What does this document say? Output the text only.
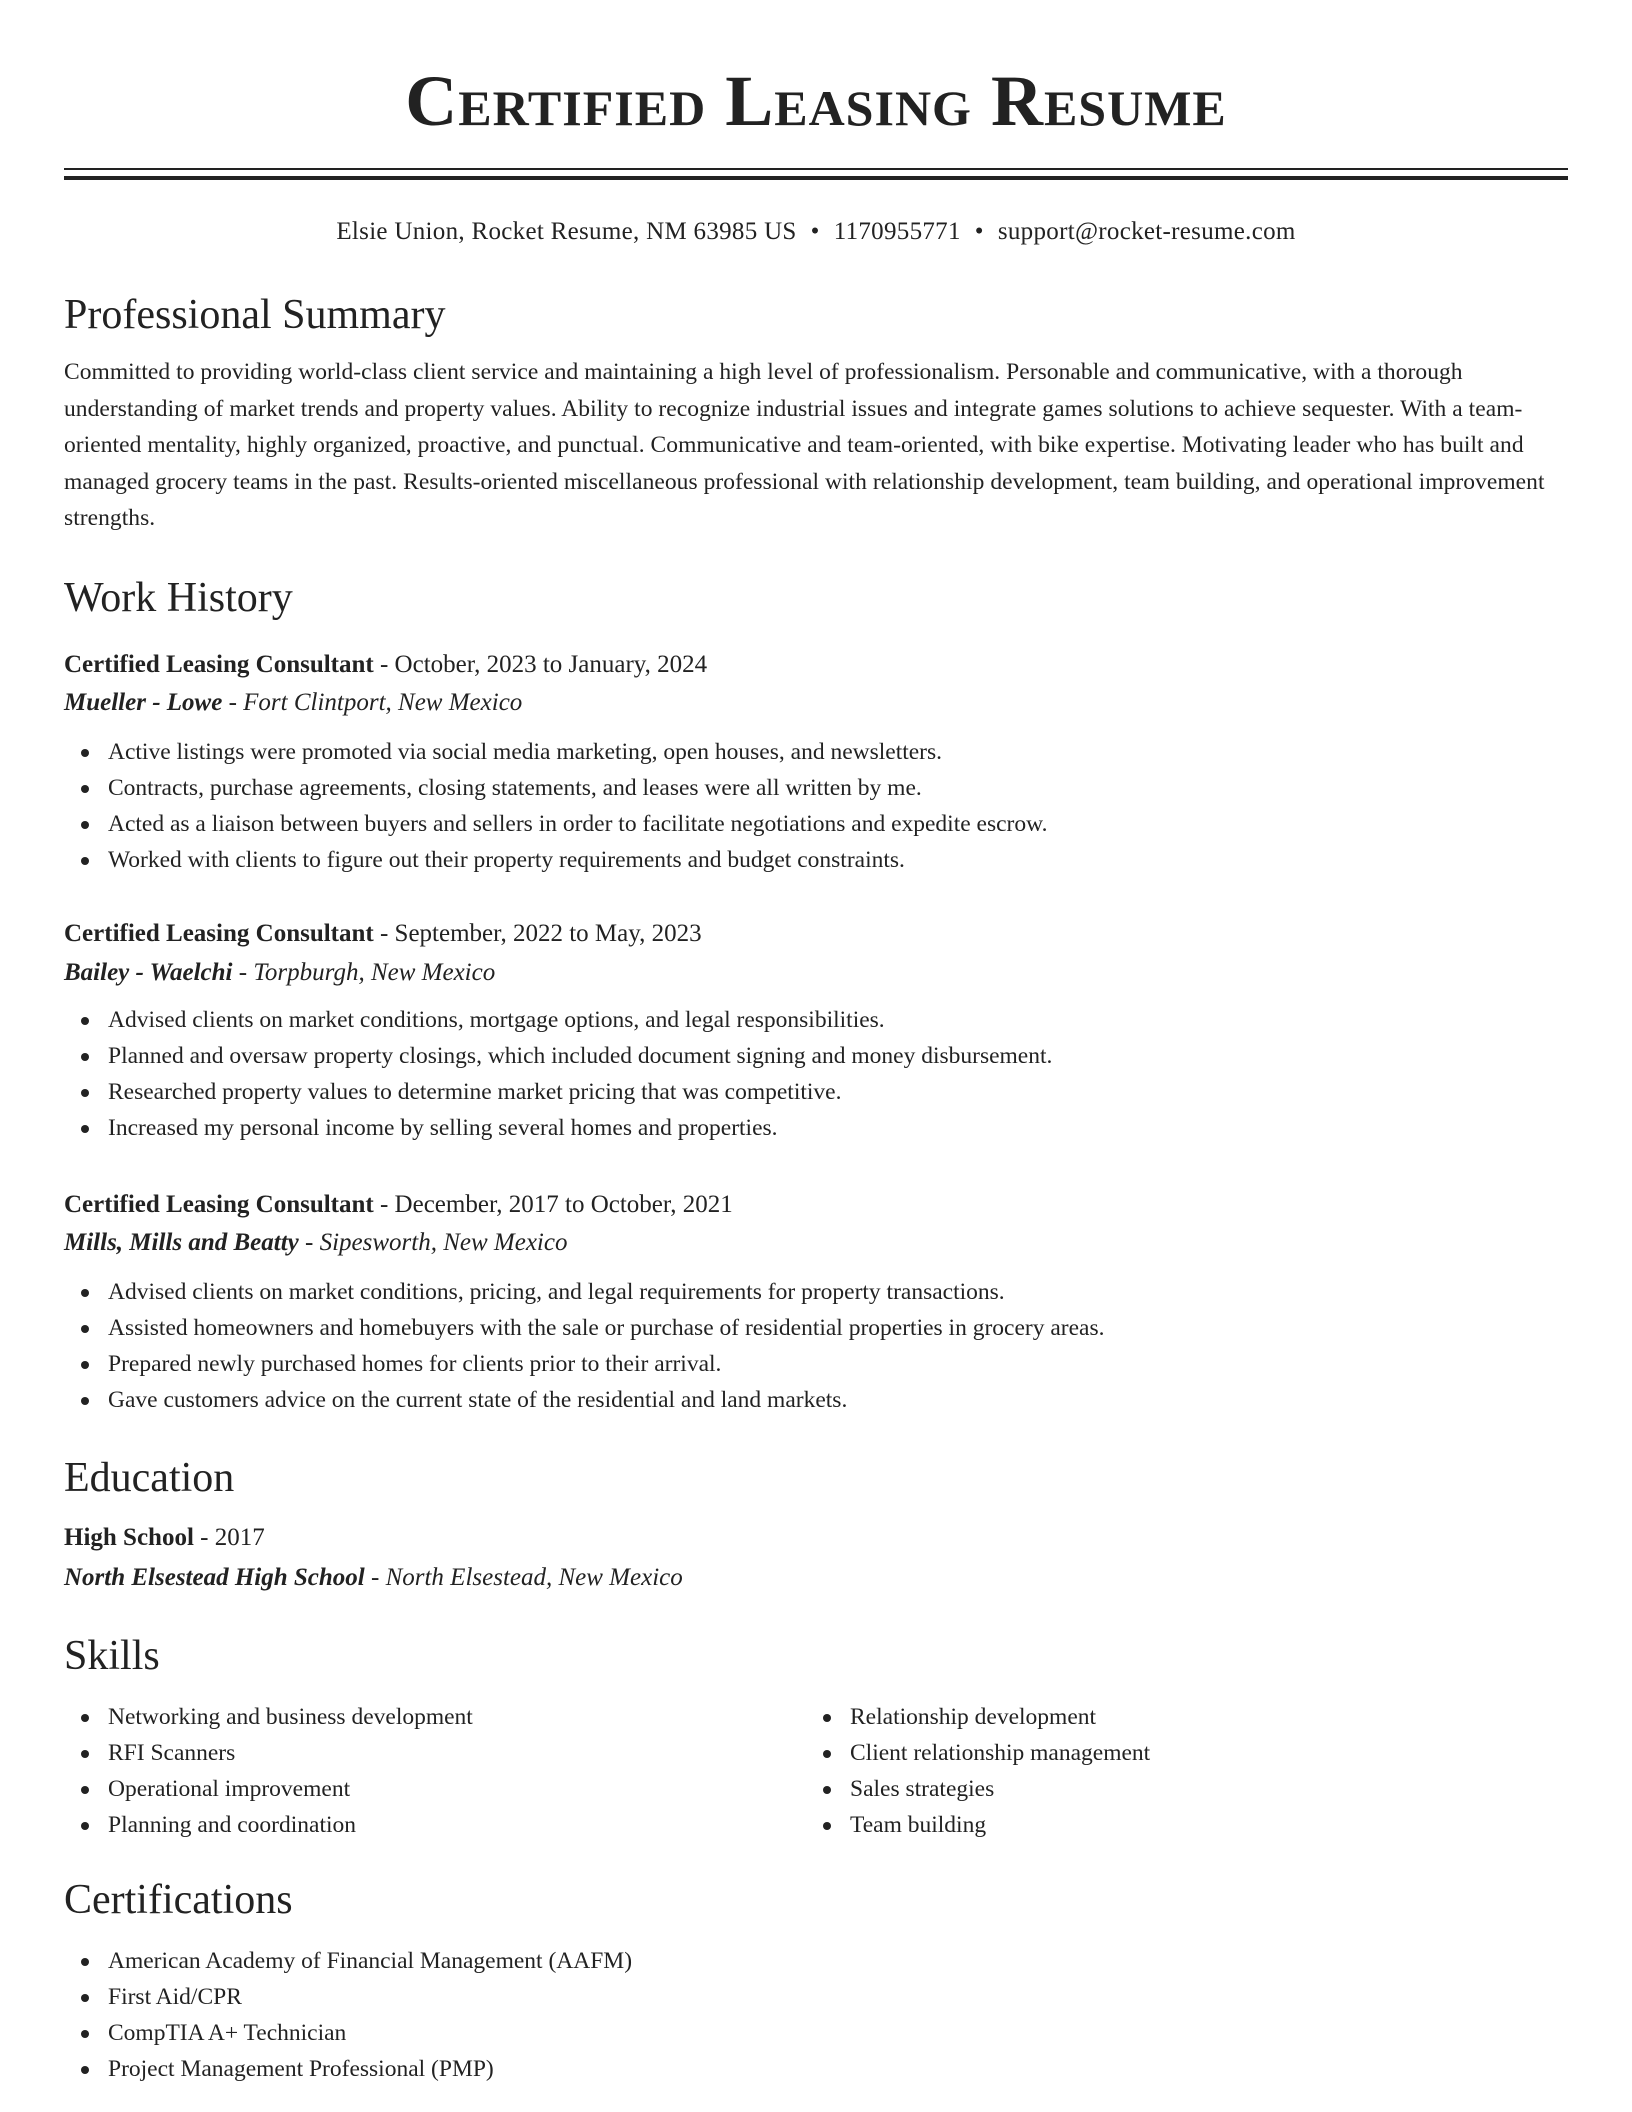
Certified Leasing Resume
Elsie Union, Rocket Resume, NM 63985 US • 1170955771 • support@rocket-resume.com
Professional Summary

Committed to providing world-class client service and maintaining a high level of professionalism. Personable and communicative, with a thorough understanding of market trends and property values. Ability to recognize industrial issues and integrate games solutions to achieve sequester. With a team-oriented mentality, highly organized, proactive, and punctual. Communicative and team-oriented, with bike expertise. Motivating leader who has built and managed grocery teams in the past. Results-oriented miscellaneous professional with relationship development, team building, and operational improvement strengths.

Work History
Certified Leasing Consultant - October, 2023 to January, 2024
Mueller - Lowe - Fort Clintport, New Mexico
Active listings were promoted via social media marketing, open houses, and newsletters.
Contracts, purchase agreements, closing statements, and leases were all written by me.
Acted as a liaison between buyers and sellers in order to facilitate negotiations and expedite escrow.
Worked with clients to figure out their property requirements and budget constraints.
Certified Leasing Consultant - September, 2022 to May, 2023
Bailey - Waelchi - Torpburgh, New Mexico
Advised clients on market conditions, mortgage options, and legal responsibilities.
Planned and oversaw property closings, which included document signing and money disbursement.
Researched property values to determine market pricing that was competitive.
Increased my personal income by selling several homes and properties.
Certified Leasing Consultant - December, 2017 to October, 2021
Mills, Mills and Beatty - Sipesworth, New Mexico
Advised clients on market conditions, pricing, and legal requirements for property transactions.
Assisted homeowners and homebuyers with the sale or purchase of residential properties in grocery areas.
Prepared newly purchased homes for clients prior to their arrival.
Gave customers advice on the current state of the residential and land markets.
Education
High School - 2017
North Elsestead High School - North Elsestead, New Mexico
Skills
Networking and business development
RFI Scanners
Operational improvement
Planning and coordination
Relationship development
Client relationship management
Sales strategies
Team building
Certifications
American Academy of Financial Management (AAFM)
First Aid/CPR
CompTIA A+ Technician
Project Management Professional (PMP)
